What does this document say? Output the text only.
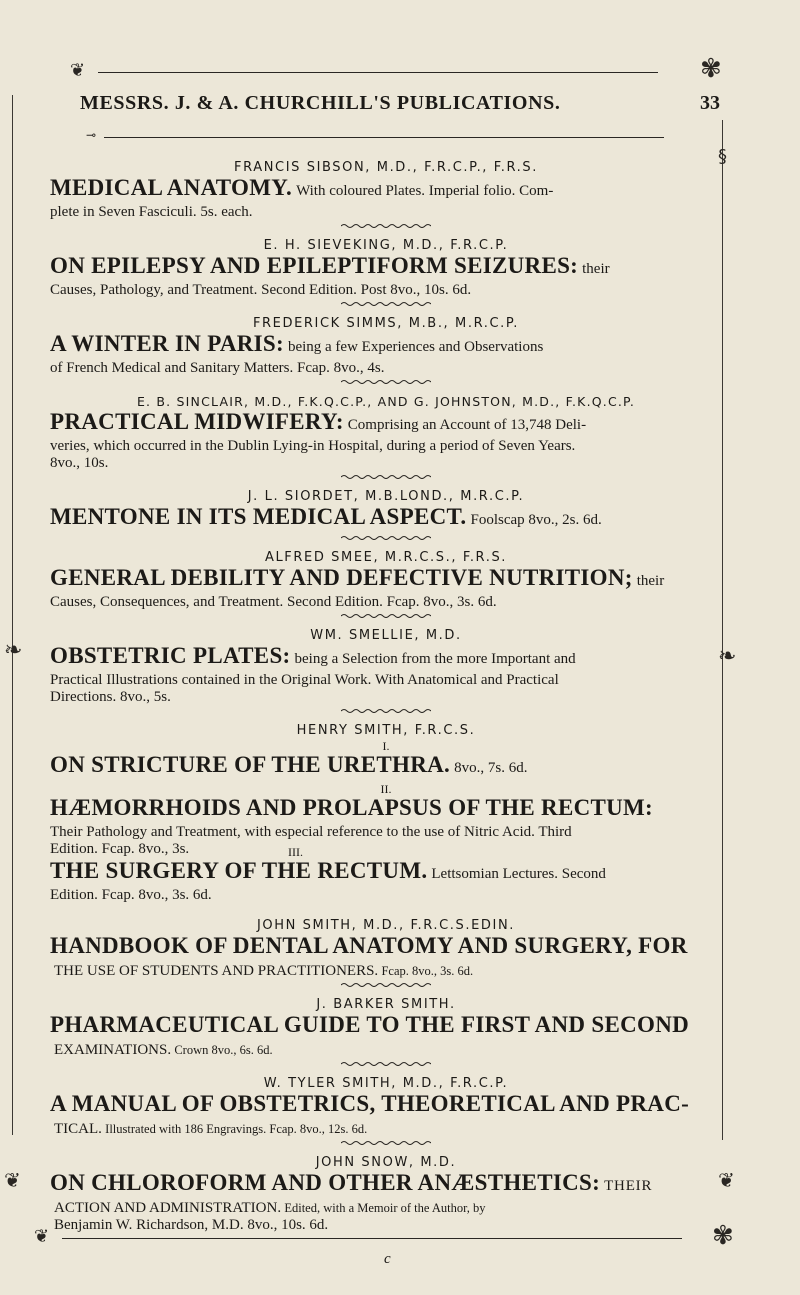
❦	✾
MESSRS. J. & A. CHURCHILL'S PUBLICATIONS.	33
⊸
FRANCIS SIBSON, M.D., F.R.C.P., F.R.S.
MEDICAL ANATOMY. With coloured Plates. Imperial folio. Com-
plete in Seven Fasciculi. 5s. each.
E. H. SIEVEKING, M.D., F.R.C.P.
ON EPILEPSY AND EPILEPTIFORM SEIZURES: their
Causes, Pathology, and Treatment. Second Edition. Post 8vo., 10s. 6d.
FREDERICK SIMMS, M.B., M.R.C.P.
A WINTER IN PARIS: being a few Experiences and Observations
of French Medical and Sanitary Matters. Fcap. 8vo., 4s.
E. B. SINCLAIR, M.D., F.K.Q.C.P., AND G. JOHNSTON, M.D., F.K.Q.C.P.
PRACTICAL MIDWIFERY: Comprising an Account of 13,748 Deli-
veries, which occurred in the Dublin Lying-in Hospital, during a period of Seven Years.
8vo., 10s.
J. L. SIORDET, M.B.LOND., M.R.C.P.
MENTONE IN ITS MEDICAL ASPECT. Foolscap 8vo., 2s. 6d.
ALFRED SMEE, M.R.C.S., F.R.S.
GENERAL DEBILITY AND DEFECTIVE NUTRITION; their
Causes, Consequences, and Treatment. Second Edition. Fcap. 8vo., 3s. 6d.
WM. SMELLIE, M.D.
OBSTETRIC PLATES: being a Selection from the more Important and
Practical Illustrations contained in the Original Work. With Anatomical and Practical
Directions. 8vo., 5s.
HENRY SMITH, F.R.C.S.
I.
ON STRICTURE OF THE URETHRA. 8vo., 7s. 6d.
II.
HÆMORRHOIDS AND PROLAPSUS OF THE RECTUM:
Their Pathology and Treatment, with especial reference to the use of Nitric Acid. Third
Edition. Fcap. 8vo., 3s.	III.
THE SURGERY OF THE RECTUM. Lettsomian Lectures. Second
Edition. Fcap. 8vo., 3s. 6d.
JOHN SMITH, M.D., F.R.C.S.EDIN.
HANDBOOK OF DENTAL ANATOMY AND SURGERY, FOR
THE USE OF STUDENTS AND PRACTITIONERS. Fcap. 8vo., 3s. 6d.
J. BARKER SMITH.
PHARMACEUTICAL GUIDE TO THE FIRST AND SECOND
EXAMINATIONS. Crown 8vo., 6s. 6d.
W. TYLER SMITH, M.D., F.R.C.P.
A MANUAL OF OBSTETRICS, THEORETICAL AND PRAC-
TICAL. Illustrated with 186 Engravings. Fcap. 8vo., 12s. 6d.
JOHN SNOW, M.D.
ON CHLOROFORM AND OTHER ANÆSTHETICS: THEIR
ACTION AND ADMINISTRATION. Edited, with a Memoir of the Author, by
Benjamin W. Richardson, M.D. 8vo., 10s. 6d.
❦	✾
§
❧
❧
❦	❦
c
